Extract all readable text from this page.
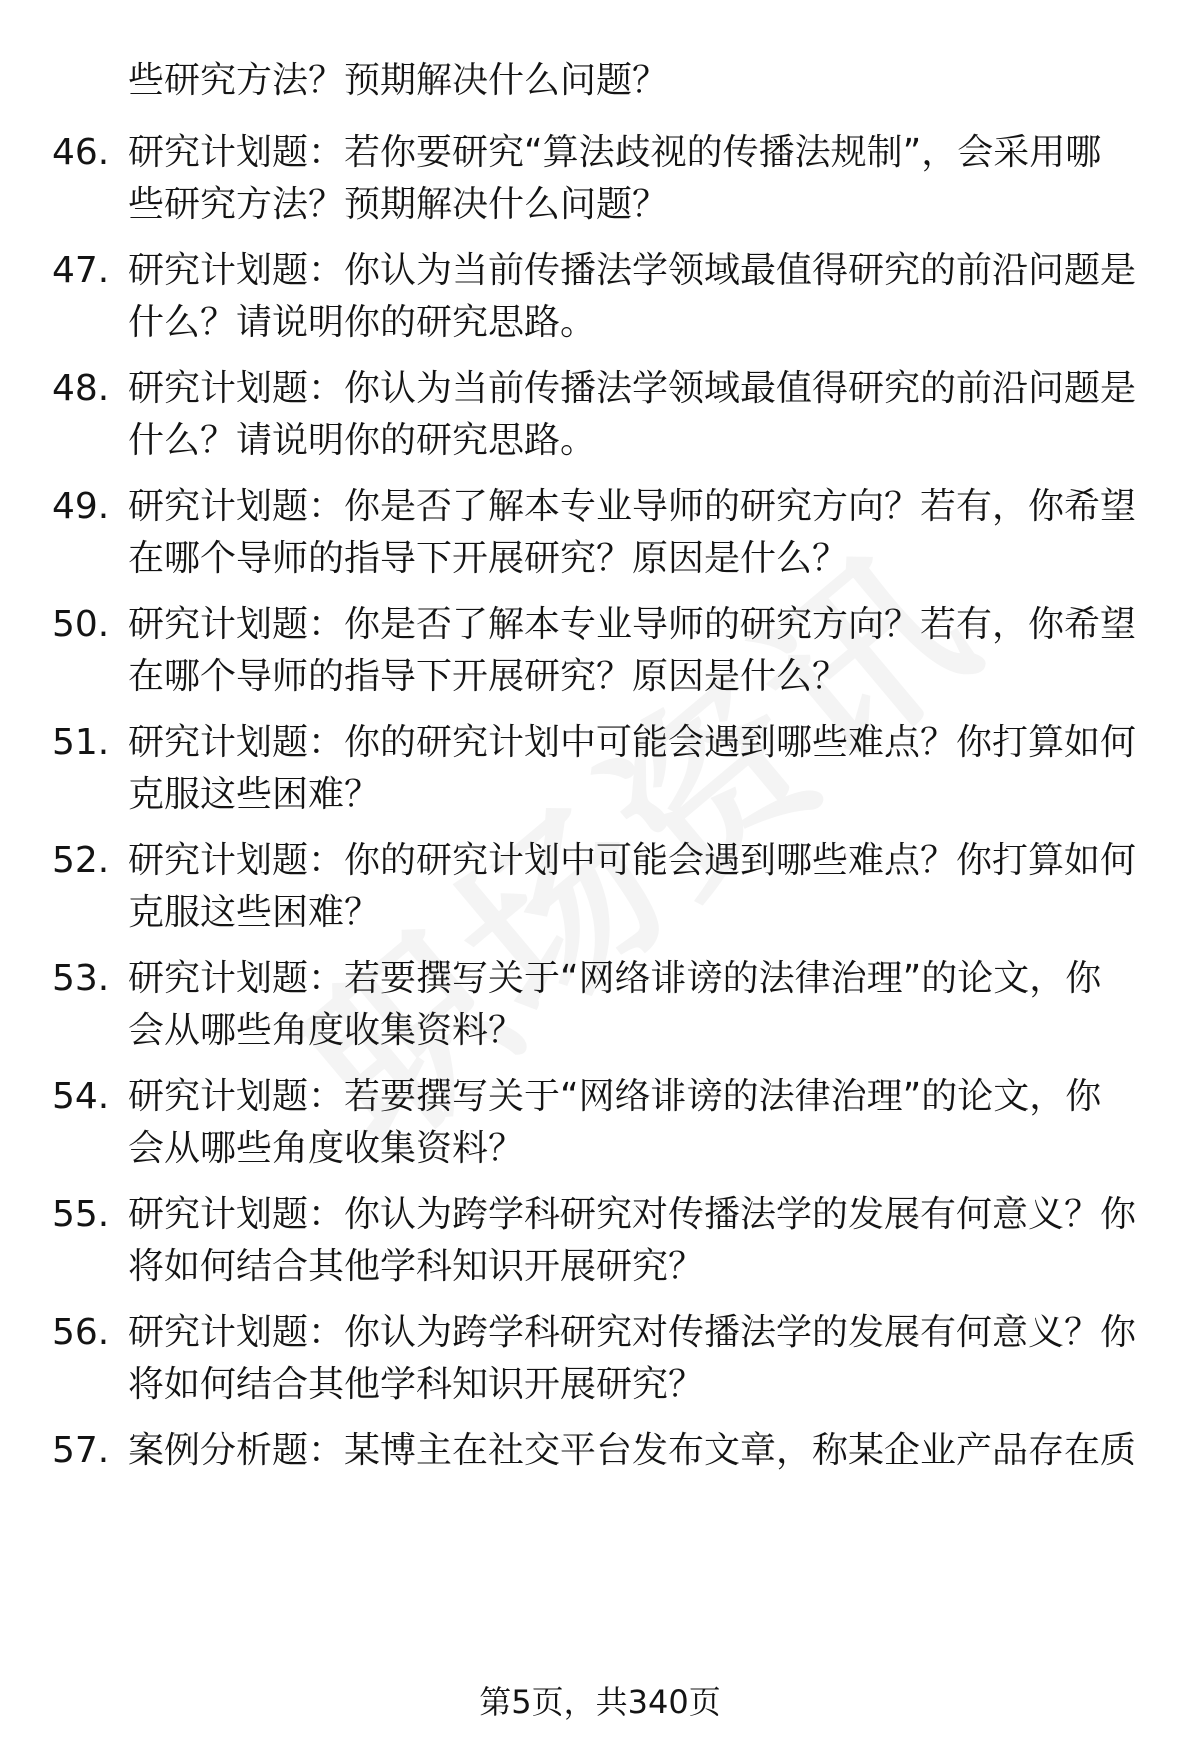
些研究方法？预期解决什么问题？
46. 研究计划题：若你要研究“算法歧视的传播法规制”，会采用哪
些研究方法？预期解决什么问题？
47. 研究计划题：你认为当前传播法学领域最值得研究的前沿问题是
什么？请说明你的研究思路。
48. 研究计划题：你认为当前传播法学领域最值得研究的前沿问题是
什么？请说明你的研究思路。
49. 研究计划题：你是否了解本专业导师的研究方向？若有，你希望
在哪个导师的指导下开展研究？原因是什么？
50. 研究计划题：你是否了解本专业导师的研究方向？若有，你希望
在哪个导师的指导下开展研究？原因是什么？
51. 研究计划题：你的研究计划中可能会遇到哪些难点？你打算如何
克服这些困难？
52. 研究计划题：你的研究计划中可能会遇到哪些难点？你打算如何
克服这些困难？
53. 研究计划题：若要撰写关于“网络诽谤的法律治理”的论文，你
会从哪些角度收集资料？
54. 研究计划题：若要撰写关于“网络诽谤的法律治理”的论文，你
会从哪些角度收集资料？
55. 研究计划题：你认为跨学科研究对传播法学的发展有何意义？你
将如何结合其他学科知识开展研究？
56. 研究计划题：你认为跨学科研究对传播法学的发展有何意义？你
将如何结合其他学科知识开展研究？
57. 案例分析题：某博主在社交平台发布文章，称某企业产品存在质
第5页，共340页
